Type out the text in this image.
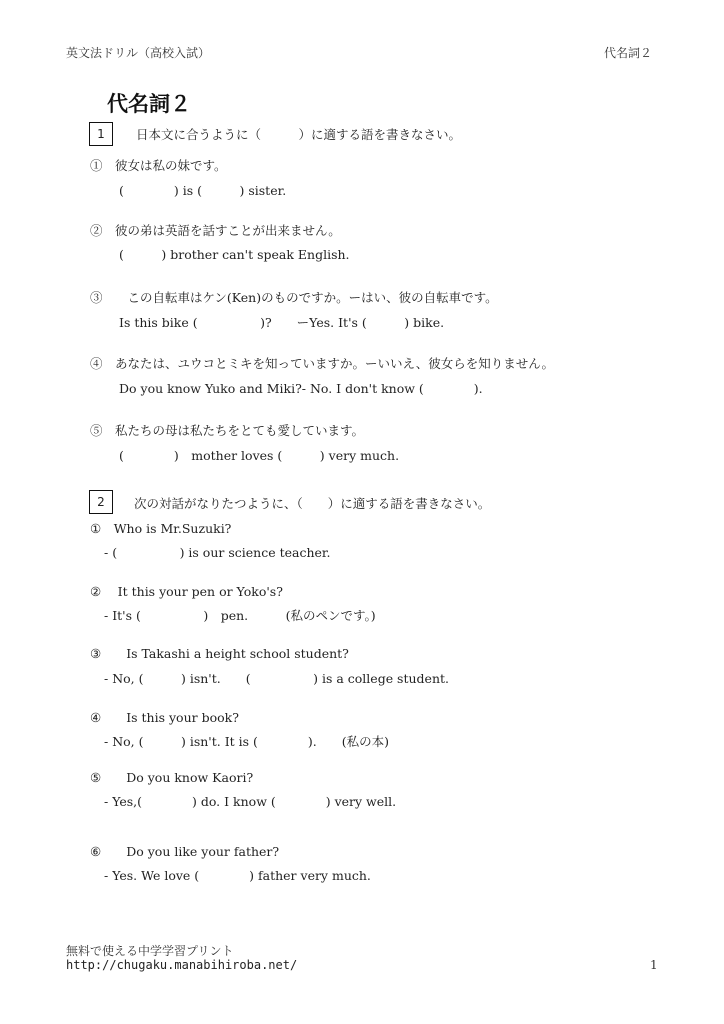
英文法ドリル（高校入試）	代名詞２
代名詞２
1	日本文に合うように（　　　）に適する語を書きなさい。
①　彼女は私の妹です。
(　　　　) is (　　　) sister.
②　彼の弟は英語を話すことが出来ません。
(　　　) brother can't speak English.
③　　この自転車はケン(Ken)のものですか。ーはい、彼の自転車です。
Is this bike (　　　　　)?　　ーYes. It's (　　　) bike.
④　あなたは、ユウコとミキを知っていますか。ーいいえ、彼女らを知りません。
Do you know Yuko and Miki?- No. I don't know (　　　　).
⑤　私たちの母は私たちをとても愛しています。
(　　　　)　mother loves (　　　) very much.
2	次の対話がなりたつように、（　　）に適する語を書きなさい。
①　Who is Mr.Suzuki?
- (　　　　　) is our science teacher.
②　 It this your pen or Yoko's?
- It's (　　　　　)　pen.　　　(私のペンです。)
③　　Is Takashi a height school student?
- No, (　　　) isn't.　　(　　　　　) is a college student.
④　　Is this your book?
- No, (　　　) isn't. It is (　　　　).　　(私の本)
⑤　　Do you know Kaori?
- Yes,(　　　　) do. I know (　　　　) very well.
⑥　　Do you like your father?
- Yes. We love (　　　　) father very much.
無料で使える中学学習プリント
http://chugaku.manabihiroba.net/	1
